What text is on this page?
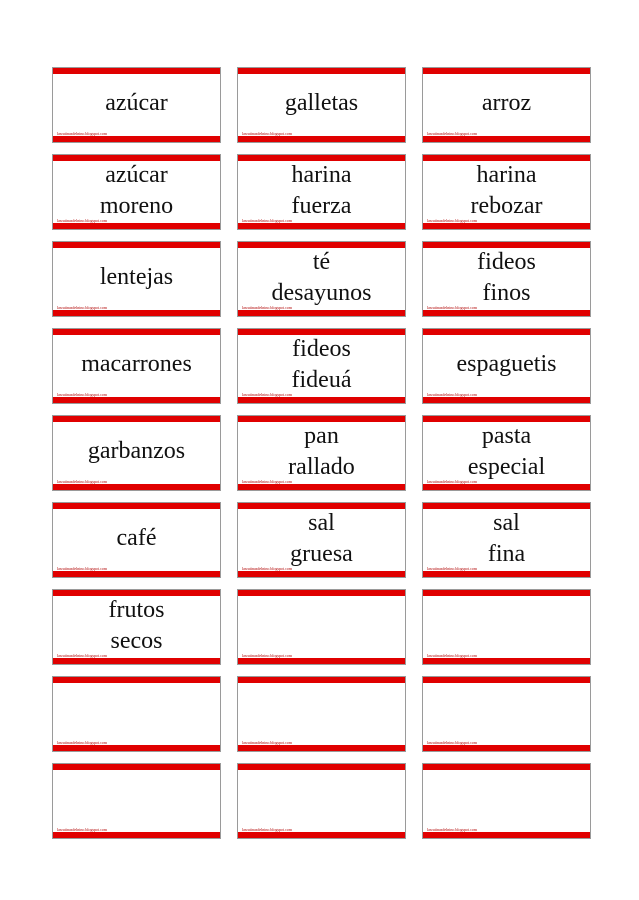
azúcar
lasrutinasdelnino.blogspot.com
galletas
lasrutinasdelnino.blogspot.com
arroz
lasrutinasdelnino.blogspot.com
azúcar
moreno
lasrutinasdelnino.blogspot.com
harina
fuerza
lasrutinasdelnino.blogspot.com
harina
rebozar
lasrutinasdelnino.blogspot.com
lentejas
lasrutinasdelnino.blogspot.com
té
desayunos
lasrutinasdelnino.blogspot.com
fideos
finos
lasrutinasdelnino.blogspot.com
macarrones
lasrutinasdelnino.blogspot.com
fideos
fideuá
lasrutinasdelnino.blogspot.com
espaguetis
lasrutinasdelnino.blogspot.com
garbanzos
lasrutinasdelnino.blogspot.com
pan
rallado
lasrutinasdelnino.blogspot.com
pasta
especial
lasrutinasdelnino.blogspot.com
café
lasrutinasdelnino.blogspot.com
sal
gruesa
lasrutinasdelnino.blogspot.com
sal
fina
lasrutinasdelnino.blogspot.com
frutos
secos
lasrutinasdelnino.blogspot.com	lasrutinasdelnino.blogspot.com	lasrutinasdelnino.blogspot.com
lasrutinasdelnino.blogspot.com	lasrutinasdelnino.blogspot.com	lasrutinasdelnino.blogspot.com
lasrutinasdelnino.blogspot.com	lasrutinasdelnino.blogspot.com	lasrutinasdelnino.blogspot.com
